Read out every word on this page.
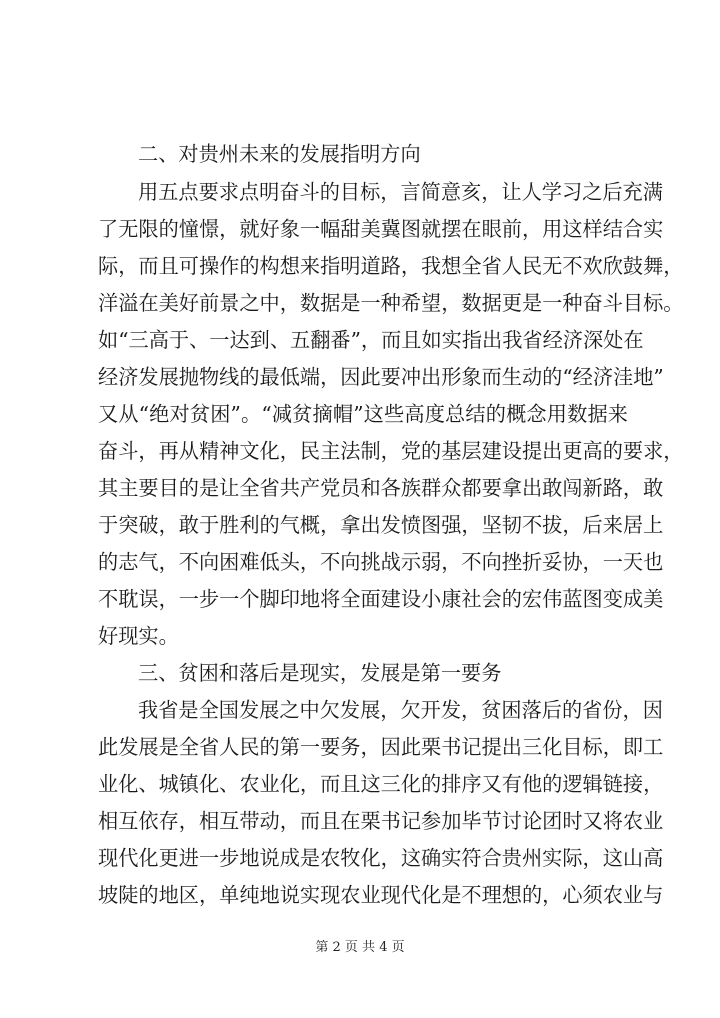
二、对贵州未来的发展指明方向
用五点要求点明奋斗的目标，言简意亥，让人学习之后充满
了无限的憧憬，就好象一幅甜美冀图就摆在眼前，用这样结合实
际，而且可操作的构想来指明道路，我想全省人民无不欢欣鼓舞，
洋溢在美好前景之中，数据是一种希望，数据更是一种奋斗目标。
如“三高于、一达到、五翻番”，而且如实指出我省经济深处在
经济发展抛物线的最低端，因此要冲出形象而生动的“经济洼地”
又从“绝对贫困”。“减贫摘帽”这些高度总结的概念用数据来
奋斗，再从精神文化，民主法制，党的基层建设提出更高的要求，
其主要目的是让全省共产党员和各族群众都要拿出敢闯新路，敢
于突破，敢于胜利的气概，拿出发愤图强，坚韧不拔，后来居上
的志气，不向困难低头，不向挑战示弱，不向挫折妥协，一天也
不耽误，一步一个脚印地将全面建设小康社会的宏伟蓝图变成美
好现实。
三、贫困和落后是现实，发展是第一要务
我省是全国发展之中欠发展，欠开发，贫困落后的省份，因
此发展是全省人民的第一要务，因此栗书记提出三化目标，即工
业化、城镇化、农业化，而且这三化的排序又有他的逻辑链接，
相互依存，相互带动，而且在栗书记参加毕节讨论团时又将农业
现代化更进一步地说成是农牧化，这确实符合贵州实际，这山高
坡陡的地区，单纯地说实现农业现代化是不理想的，心须农业与
第 2 页 共 4 页
